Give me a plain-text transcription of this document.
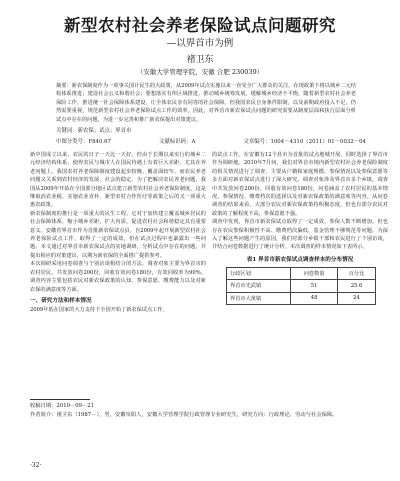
新型农村社会养老保险试点问题研究
—以界首市为例
褚卫东
（安徽大学管理学院，安徽 合肥 230039）

摘要：新农保制度作为一项事关国计民生的大政策，从2009年试点实施以来一直受全广大群众的关注。在现政策下将以城乡二元结构体系推进；建设社会公义和谐社会；要想落实有所区域推进，推动城乡统筹发展，缓解城乡经济不平衡。随着新型农村社会养老保险工作，推进统一社会保障体系建设，让全体农民享有同等的社会保障。但我国农民自身条件限制，以及前期政府投入不足，仍然需要重视，规范新型农村社会养老保险试点工作的效率。因此，对界首市新农保试点问题的研究需要从制度层面和执行层面分析试点中存在的问题，为进一步完善和推广新农保提出对策建议。

关键词：新农保；试点；界首市
中图分类号：F840.67	文献标识码：A	文章编号：1004－4310（2011）01－0032－04

新中国成立以来，农民的日子一天比一天好，但由于长期以来实行的城乡二元经济结构体系，使得农民与城市人在国民待遇上有着巨大差距，尤其在养老问题上。我国农村养老保障制度建设起步较晚、覆盖面较窄，而农民养老问题又关系到农村经济的发展、社会的稳定。为了把解决农民养老问题，我国从2009年开始在全国部分地区试点建立新型农村社会养老保险制度，这是继取消农业税、实施农业直补、新型农村合作医疗等政策之后的又一项重大惠农政策。

新农保制度的推行是一项重大的民生工程。它对于加快建立覆盖城乡居民的社会保障体系，缩小城乡差距，扩大内需，促进农村社会和谐稳定具有重要意义。安徽省界首市作为首批新农保试点县，自2009年起开展新型农村社会养老保险试点工作，取得了一定的成效，但在试点过程中也暴露出一些问题。本文通过对界首市新农保试点的实地调研，分析试点中存在的问题，并提出相应的对策建议，以期为新农保的全面推广提供参考。

本次调研采用问卷调查与个别访谈相结合的方法，调查对象主要为界首市的农村居民，共发放问卷200份，回收有效问卷180份，有效回收率为90%。调查内容主要包括农民对新农保政策的认知、参保意愿、缴费能力以及对新农保的满意度等方面。

一、研究方法和样本情况

2009年低在国家的大力支持下全国开始了新农保试点工作。

的试点工作。在安徽有12个县市为首批的试点地城开展，同时选择了界首市作为调研地。2010年7月间，我们对界首市境内新型农村社会养老保险制度的相关情况进行了调查，主要从户籍和家庭规模、参保情况以及参保意愿等多方面对新农保试点进行了深入研究。调查对象涉及界首市多个乡镇，调查中共发放问卷200份，回收有效问卷180份，问卷涵盖了农村居民的基本情况、参保情况、缴费档次的选择以及对新农保政策的满意度等内容。从问卷调查的结果来看，大部分农民对新农保政策持积极态度，但也有部分农民对政策的了解程度不高，参保意愿不强。

调查中发现，界首市新农保试点取得了一定成效，参保人数不断增加，但也存在农民参保积极性不高、缴费档次偏低、基金管理不够规范等问题。为深入了解这些问题产生的原因，我们对部分乡镇干部和农民进行了个别访谈，并结合问卷数据进行了统计分析。本次调查的样本情况如下表所示。

表1 界首市新农保试点调查样本的分布情况
行政区划	问卷数量	百分比
界首市光武镇	51	25.6
界首市大黄镇	48	24
收稿日期：2010－09－21
作者简介：褚卫东（1987－），男，安徽阜阳人，安徽大学管理学院行政管理专业研究生，研究方向：行政理论、劳动与社会保障。
·32·
